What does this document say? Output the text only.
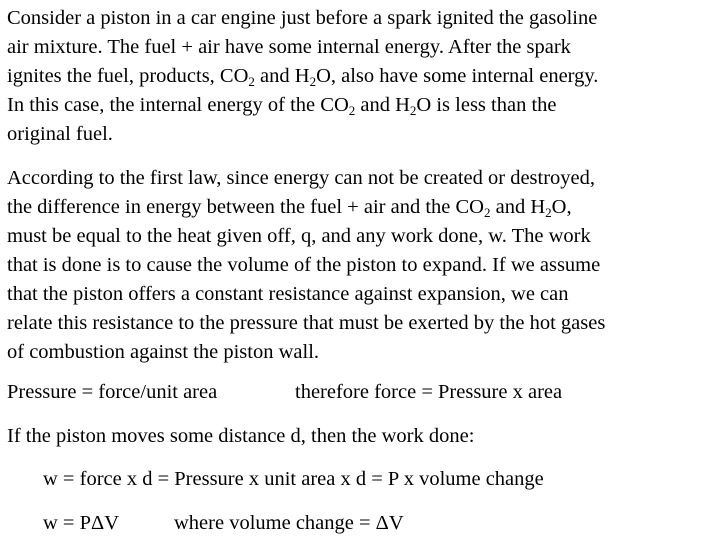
Consider a piston in a car engine just before a spark ignited the gasoline
air mixture. The fuel + air have some internal energy. After the spark
ignites the fuel, products, $CO_2$ and $H_2O$, also have some internal energy.
In this case, the internal energy of the $CO_2$ and $H_2O$ is less than the
original fuel.
According to the first law, since energy can not be created or destroyed,
the difference in energy between the fuel + air and the $CO_2$ and $H_2O$,
must be equal to the heat given off, q, and any work done, w. The work
that is done is to cause the volume of the piston to expand. If we assume
that the piston offers a constant resistance against expansion, we can
relate this resistance to the pressure that must be exerted by the hot gases
of combustion against the piston wall.
Pressure = force/unit area	therefore force = Pressure x area
If the piston moves some distance d, then the work done:
w = force x d = Pressure x unit area x d = P x volume change
w = PΔV	where volume change = ΔV
